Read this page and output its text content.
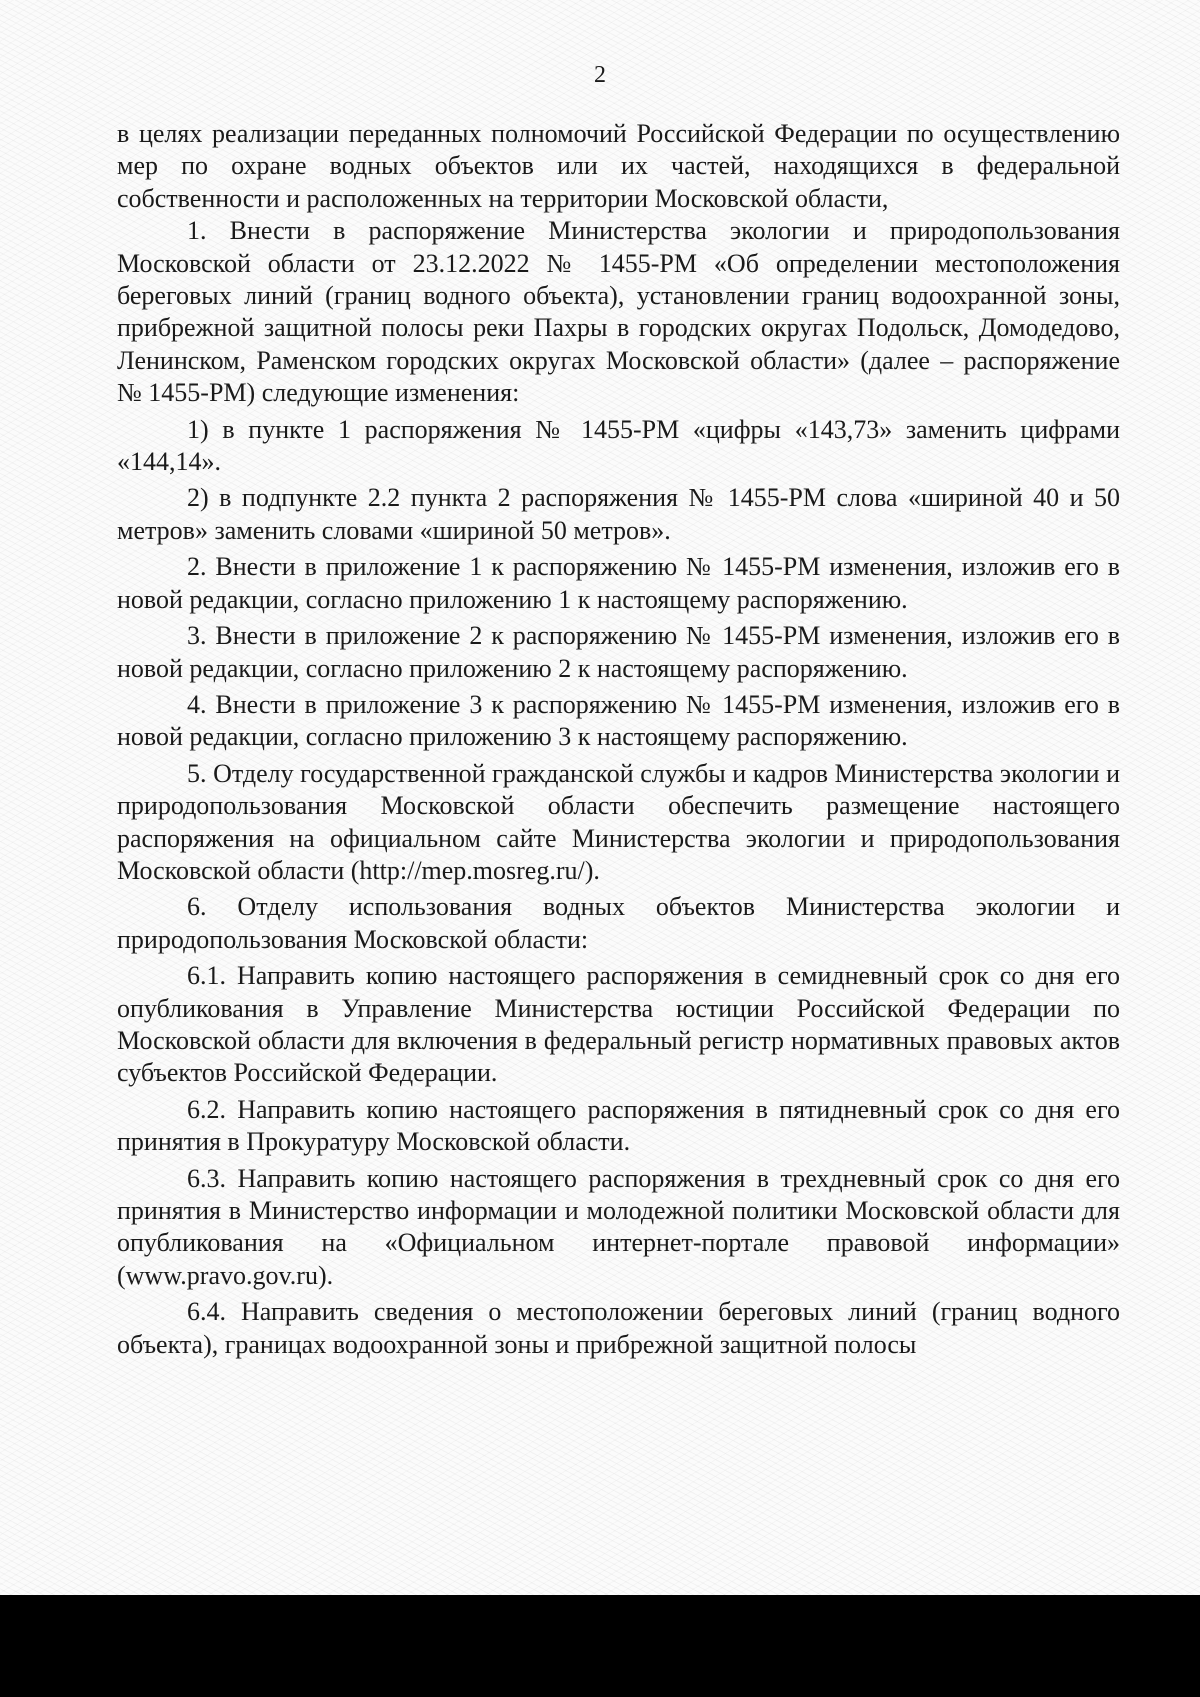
2

в целях реализации переданных полномочий Российской Федерации по осуществлению мер по охране водных объектов или их частей, находящихся в федеральной собственности и расположенных на территории Московской области,

1. Внести в распоряжение Министерства экологии и природопользования Московской области от 23.12.2022 № 1455-РМ «Об определении местоположения береговых линий (границ водного объекта), установлении границ водоохранной зоны, прибрежной защитной полосы реки Пахры в городских округах Подольск, Домодедово, Ленинском, Раменском городских округах Московской области» (далее – распоряжение № 1455-РМ) следующие изменения:

1) в пункте 1 распоряжения № 1455-РМ «цифры «143,73» заменить цифрами «144,14».

2) в подпункте 2.2 пункта 2 распоряжения № 1455-РМ слова «шириной 40 и 50 метров» заменить словами «шириной 50 метров».

2. Внести в приложение 1 к распоряжению № 1455-РМ изменения, изложив его в новой редакции, согласно приложению 1 к настоящему распоряжению.

3. Внести в приложение 2 к распоряжению № 1455-РМ изменения, изложив его в новой редакции, согласно приложению 2 к настоящему распоряжению.

4. Внести в приложение 3 к распоряжению № 1455-РМ изменения, изложив его в новой редакции, согласно приложению 3 к настоящему распоряжению.

5. Отделу государственной гражданской службы и кадров Министерства экологии и природопользования Московской области обеспечить размещение настоящего распоряжения на официальном сайте Министерства экологии и природопользования Московской области (http://mep.mosreg.ru/).

6. Отделу использования водных объектов Министерства экологии и природопользования Московской области:

6.1. Направить копию настоящего распоряжения в семидневный срок со дня его опубликования в Управление Министерства юстиции Российской Федерации по Московской области для включения в федеральный регистр нормативных правовых актов субъектов Российской Федерации.

6.2. Направить копию настоящего распоряжения в пятидневный срок со дня его принятия в Прокуратуру Московской области.

6.3. Направить копию настоящего распоряжения в трехдневный срок со дня его принятия в Министерство информации и молодежной политики Московской области для опубликования на «Официальном интернет-портале правовой информации» (www.pravo.gov.ru).

6.4. Направить сведения о местоположении береговых линий (границ водного объекта), границах водоохранной зоны и прибрежной защитной полосы
